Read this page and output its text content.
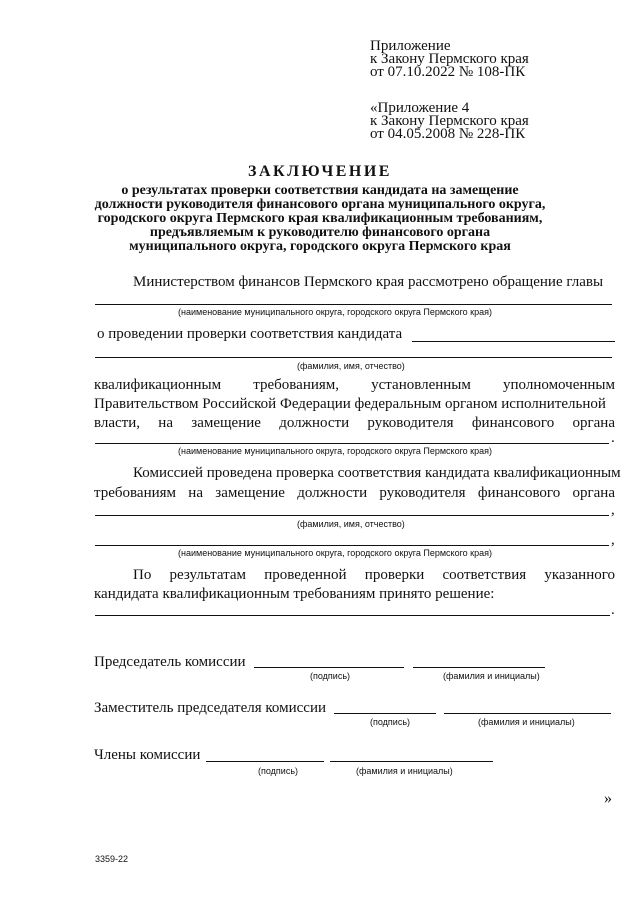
Приложение
к Закону Пермского края
от 07.10.2022 № 108-ПК
«Приложение 4
к Закону Пермского края
от 04.05.2008 № 228-ПК
ЗАКЛЮЧЕНИЕ
о результатах проверки соответствия кандидата на замещение
должности руководителя финансового органа муниципального округа,
городского округа Пермского края квалификационным требованиям,
предъявляемым к руководителю финансового органа
муниципального округа, городского округа Пермского края
Министерством финансов Пермского края рассмотрено обращение главы
(наименование муниципального округа, городского округа Пермского края)
о проведении проверки соответствия кандидата
(фамилия, имя, отчество)
квалификационным требованиям, установленным уполномоченным
Правительством Российской Федерации федеральным органом исполнительной
власти, на замещение должности руководителя финансового органа
.
(наименование муниципального округа, городского округа Пермского края)
Комиссией проведена проверка соответствия кандидата квалификационным
требованиям на замещение должности руководителя финансового органа
,
(фамилия, имя, отчество)
,
(наименование муниципального округа, городского округа Пермского края)
По результатам проведенной проверки соответствия указанного
кандидата квалификационным требованиям принято решение:
.
Председатель комиссии
(подпись)	(фамилия и инициалы)
Заместитель председателя комиссии
(подпись)	(фамилия и инициалы)
Члены комиссии
(подпись)	(фамилия и инициалы)
»
3359-22
